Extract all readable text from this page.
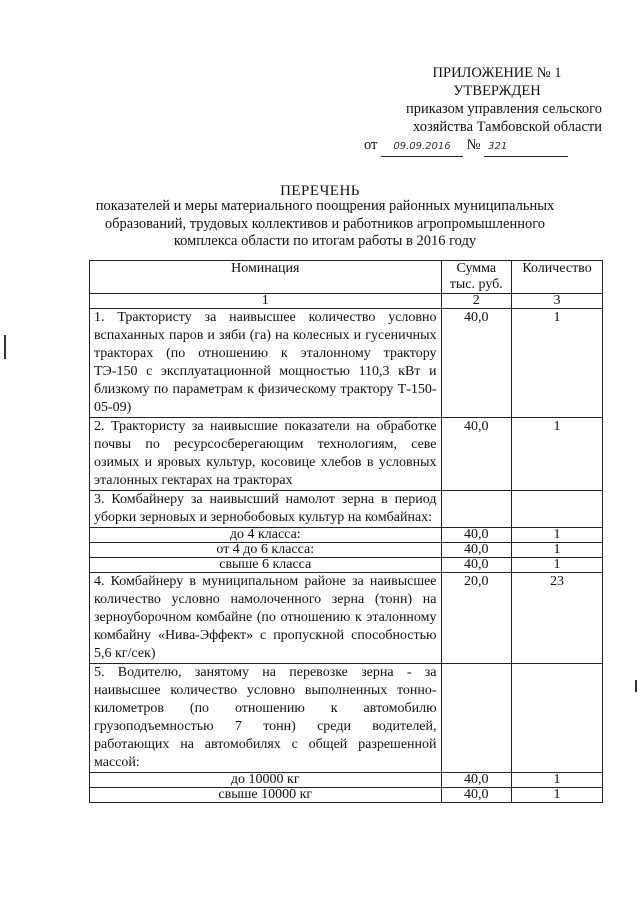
ПРИЛОЖЕНИЕ № 1
УТВЕРЖДЕН
приказом управления сельского
хозяйства Тамбовской области
от 09.09.2016 № 321
ПЕРЕЧЕНЬ
показателей и меры материального поощрения районных муниципальных образований, трудовых коллективов и работников агропромышленного комплекса области по итогам работы в 2016 году
Номинация	Сумма тыс. руб.	Количество
1	2	3
1. Трактористу за наивысшее количество условно вспаханных паров и зяби (га) на колесных и гусеничных тракторах (по отношению к эталонному трактору ТЭ-150 с эксплуатационной мощностью 110,3 кВт и близкому по параметрам к физическому трактору Т-150-05-09)	40,0	1
2. Трактористу за наивысшие показатели на обработке почвы по ресурсосберегающим технологиям, севе озимых и яровых культур, косовице хлебов в условных эталонных гектарах на тракторах	40,0	1
3. Комбайнеру за наивысший намолот зерна в период уборки зерновых и зернобобовых культур на комбайнах:		
до 4 класса:	40,0	1
от 4 до 6 класса:	40,0	1
свыше 6 класса	40,0	1
4. Комбайнеру в муниципальном районе за наивысшее количество условно намолоченного зерна (тонн) на зерноуборочном комбайне (по отношению к эталонному комбайну «Нива-Эффект» с пропускной способностью 5,6 кг/сек)	20,0	23
5. Водителю, занятому на перевозке зерна - за наивысшее количество условно выполненных тонно-километров (по отношению к автомобилю грузоподъемностью 7 тонн) среди водителей, работающих на автомобилях с общей разрешенной массой:		
до 10000 кг	40,0	1
свыше 10000 кг	40,0	1
